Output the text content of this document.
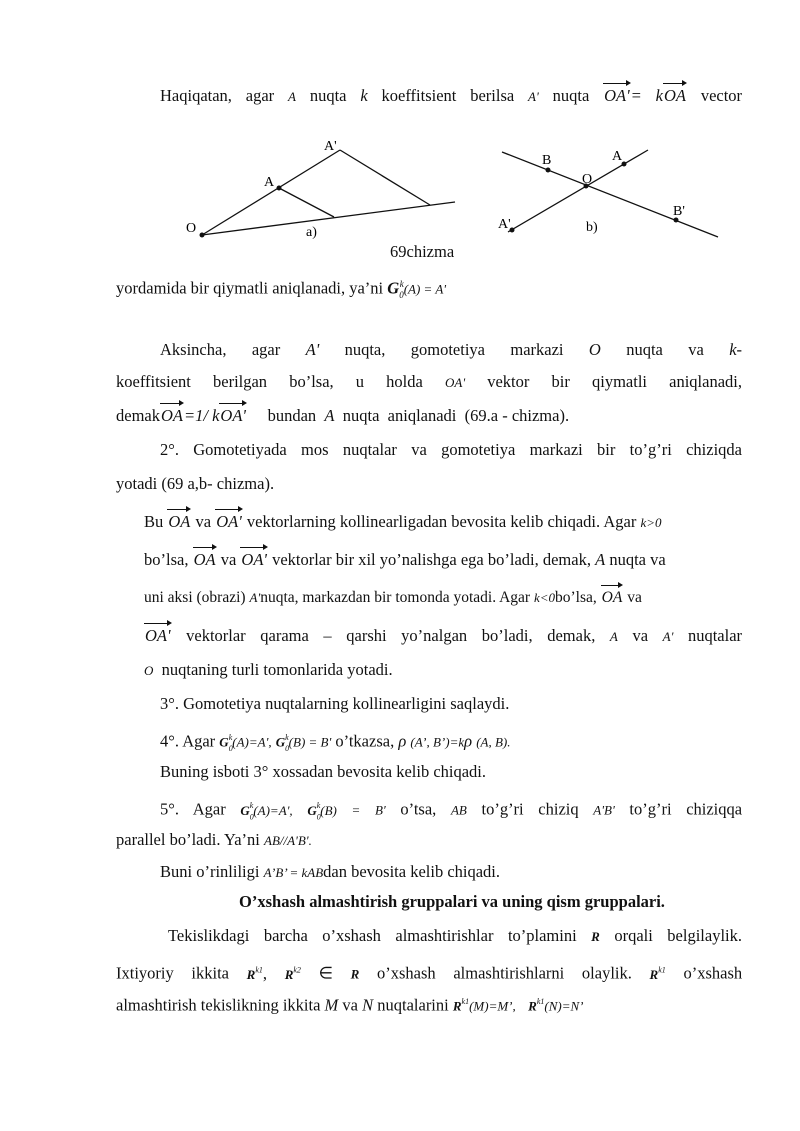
Haqiqatan, agar A nuqta k koeffitsient berilsa A' nuqta OA'= kOA vector
O
A
A'
a)
B	A
O
A'
B'
b)
69chizma
yordamida bir qiymatli aniqlanadi, ya’ni $G_0^k(A) = A'$
Aksincha, agar A' nuqta, gomotetiya markazi O nuqta va k-
koeffitsient berilgan bo’lsa, u holda OA' vektor bir qiymatli aniqlanadi,
demakOA=1/ kOA' bundan A nuqta aniqlanadi (69.a - chizma).
2°. Gomotetiyada mos nuqtalar va gomotetiya markazi bir to’g’ri chiziqda
yotadi (69 a,b- chizma).
Bu OA va OA' vektorlarning kollinearligadan bevosita kelib chiqadi. Agar k>0
bo’lsa, OA va OA' vektorlar bir xil yo’nalishga ega bo’ladi, demak, A nuqta va
uni aksi (obrazi) A'nuqta, markazdan bir tomonda yotadi. Agar k<0bo’lsa, OA va
OA' vektorlar qarama – qarshi yo’nalgan bo’ladi, demak, A va A' nuqtalar
O nuqtaning turli tomonlarida yotadi.
3°. Gomotetiya nuqtalarning kollinearligini saqlaydi.
4°. Agar $G_0^k(A)=A'$, $G_0^k(B) = B'$ o’tkazsa, ρ (A’, B’)=kρ (A, B).
Buning isboti 3° xossadan bevosita kelib chiqadi.
5°. Agar $G_0^k(A)=A'$, $G_0^k(B) = B'$ o’tsa, AB to’g’ri chiziq A'B' to’g’ri chiziqqa
parallel bo’ladi. Ya’ni AB//A'B'.
Buni o’rinliligi A’B’ = kABdan bevosita kelib chiqadi.
O’xshash almashtirish gruppalari va uning qism gruppalari.
Tekislikdagi barcha o’xshash almashtirishlar to’plamini R orqali belgilaylik.
Ixtiyoriy ikkita $R^{k1}$, $R^{k2}$ ∈ R o’xshash almashtirishlarni olaylik. $R^{k1}$ o’xshash
almashtirish tekislikning ikkita M va N nuqtalarini $R^{k1}(M)=M$’, $R^{k1}(N)=N$’
